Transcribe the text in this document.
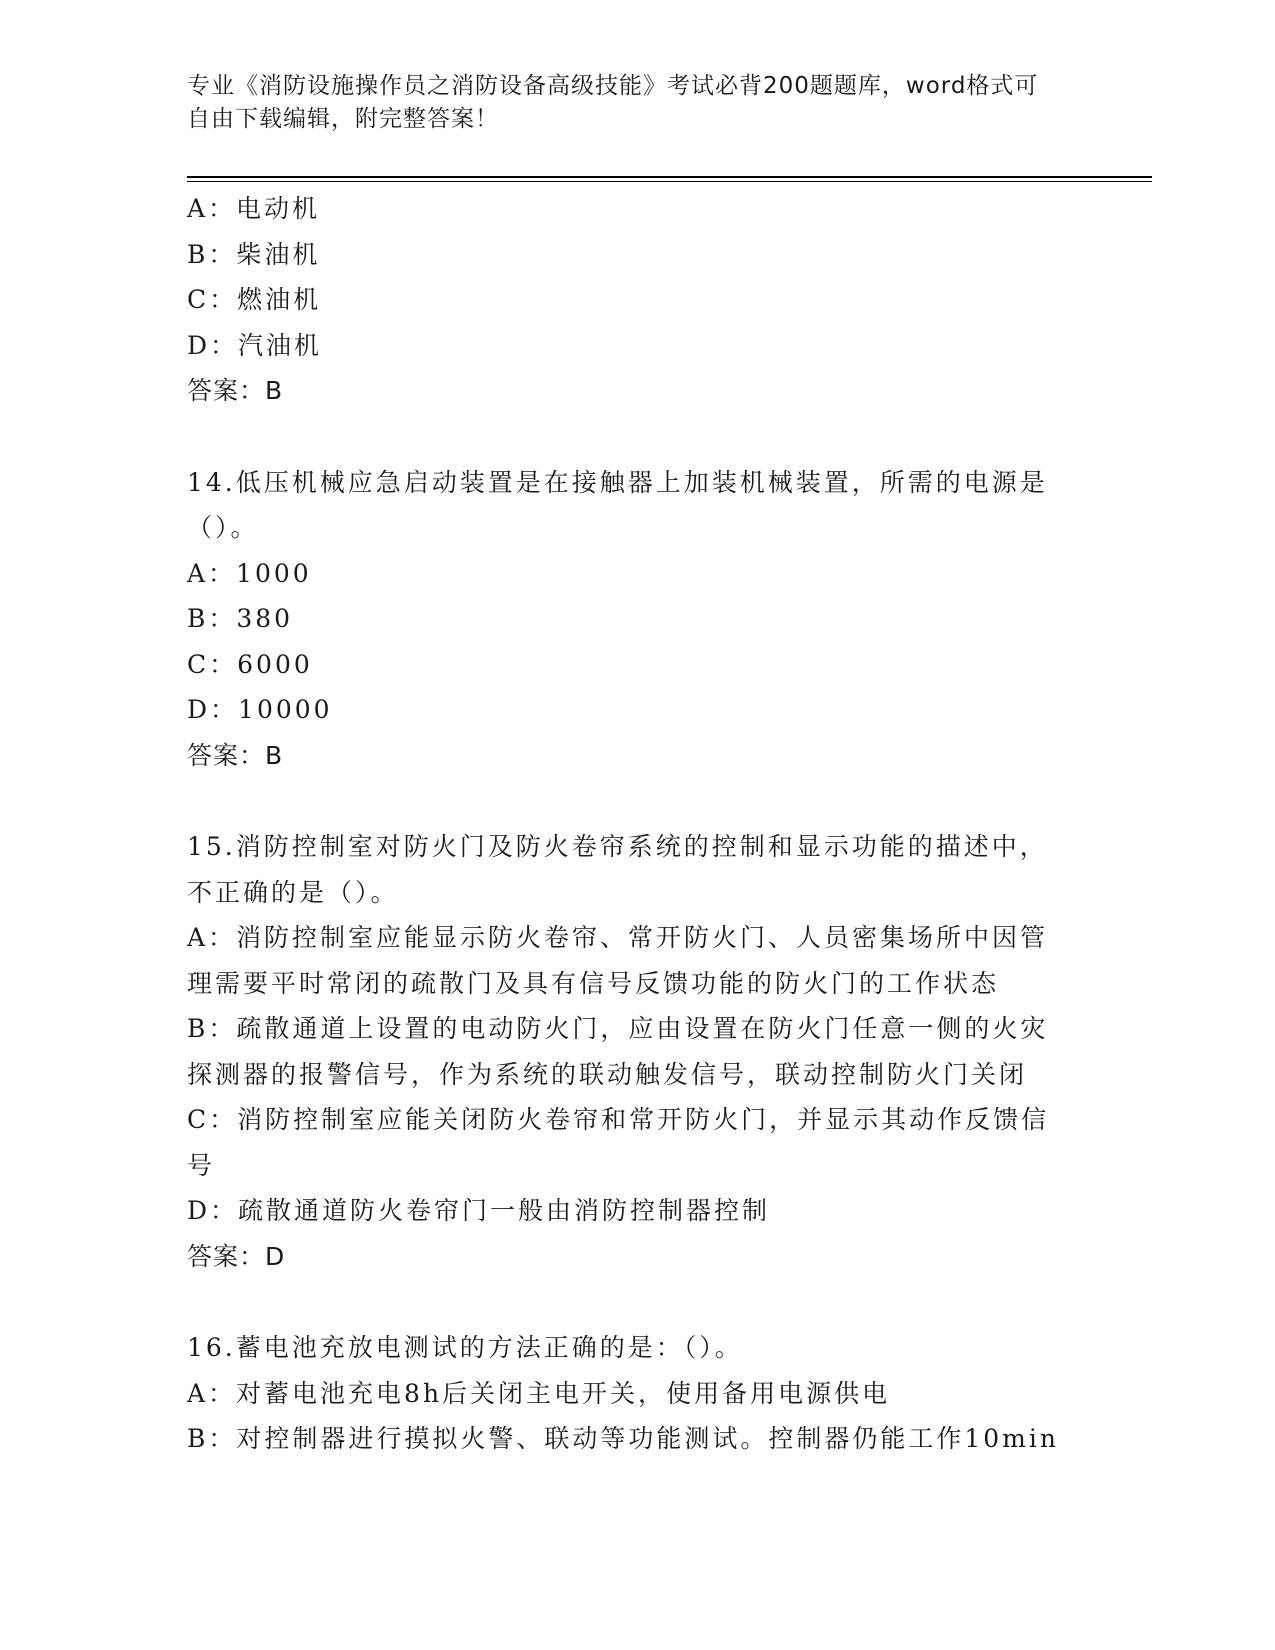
专业《消防设施操作员之消防设备高级技能》考试必背200题题库，word格式可
自由下载编辑，附完整答案！
A：电动机
B：柴油机
C：燃油机
D：汽油机
答案：B
14.低压机械应急启动装置是在接触器上加装机械装置，所需的电源是
（）。
A：1000
B：380
C：6000
D：10000
答案：B
15.消防控制室对防火门及防火卷帘系统的控制和显示功能的描述中，
不正确的是（）。
A：消防控制室应能显示防火卷帘、常开防火门、人员密集场所中因管
理需要平时常闭的疏散门及具有信号反馈功能的防火门的工作状态
B：疏散通道上设置的电动防火门，应由设置在防火门任意一侧的火灾
探测器的报警信号，作为系统的联动触发信号，联动控制防火门关闭
C：消防控制室应能关闭防火卷帘和常开防火门，并显示其动作反馈信
号
D：疏散通道防火卷帘门一般由消防控制器控制
答案：D
16.蓄电池充放电测试的方法正确的是：（）。
A：对蓄电池充电8h后关闭主电开关，使用备用电源供电
B：对控制器进行摸拟火警、联动等功能测试。控制器仍能工作10min
